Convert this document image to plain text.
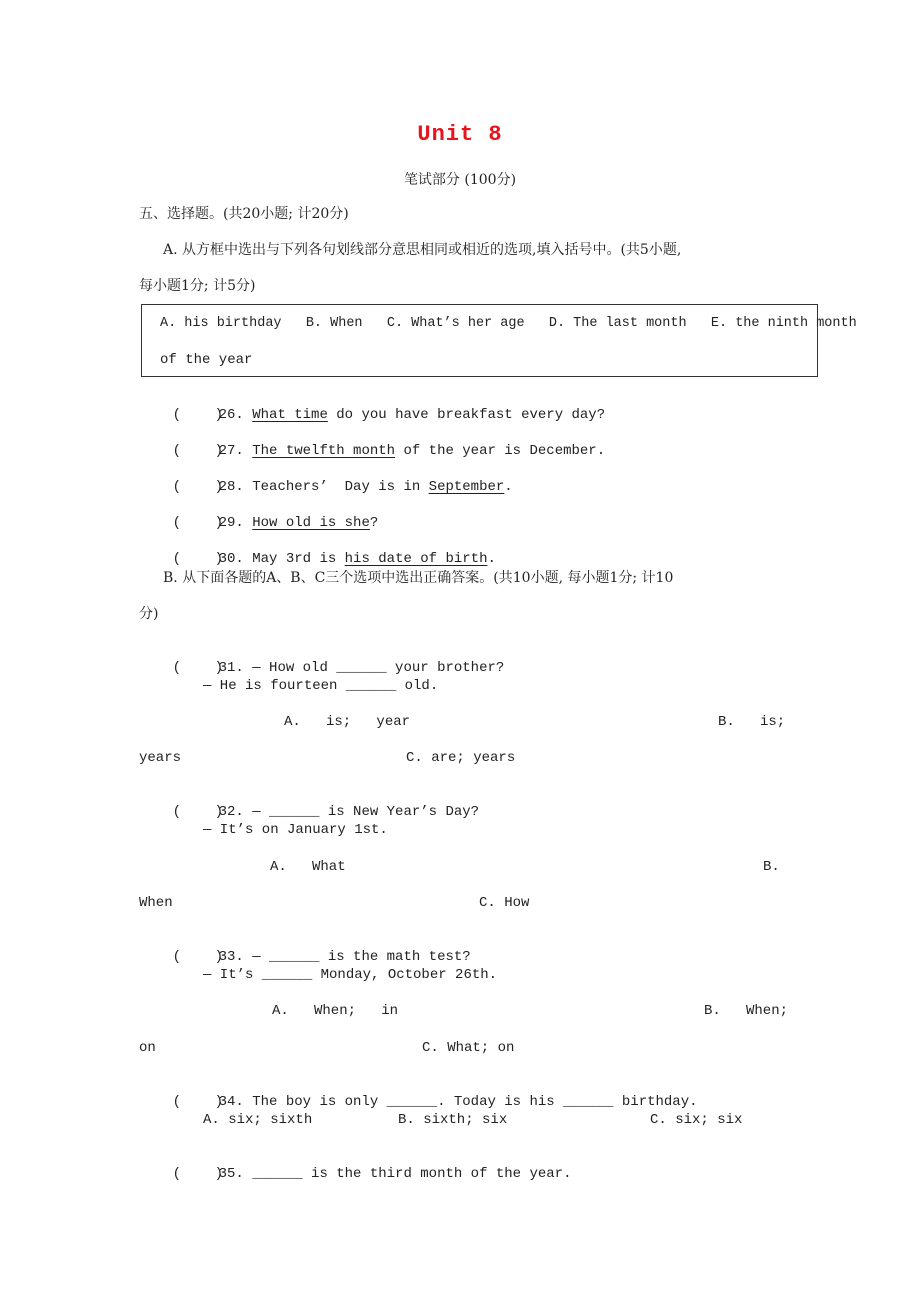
Unit 8
笔试部分 (100分)
五、选择题。(共20小题; 计20分)
A. 从方框中选出与下列各句划线部分意思相同或相近的选项,填入括号中。(共5小题,
每小题1分; 计5分)
A. his birthday   B. When   C. What’s her age   D. The last month   E. the ninth month
of the year

(    )26. What time do you have breakfast every day?

(    )27. The twelfth month of the year is December.

(    )28. Teachers’  Day is in September.

(    )29. How old is she?

(    )30. May 3rd is his date of birth.

B. 从下面各题的A、B、C三个选项中选出正确答案。(共10小题, 每小题1分; 计10
分)

(    )31. — How old ______ your brother?

— He is fourteen ______ old.
A.   is;   year	B.   is;
years	C. are; years

(    )32. — ______ is New Year’s Day?

— It’s on January 1st.
A.   What	B.
When	C. How

(    )33. — ______ is the math test?

— It’s ______ Monday, October 26th.
A.   When;   in	B.   When;
on	C. What; on

(    )34. The boy is only ______. Today is his ______ birthday.

A. six; sixth	B. sixth; six	C. six; six

(    )35. ______ is the third month of the year.
